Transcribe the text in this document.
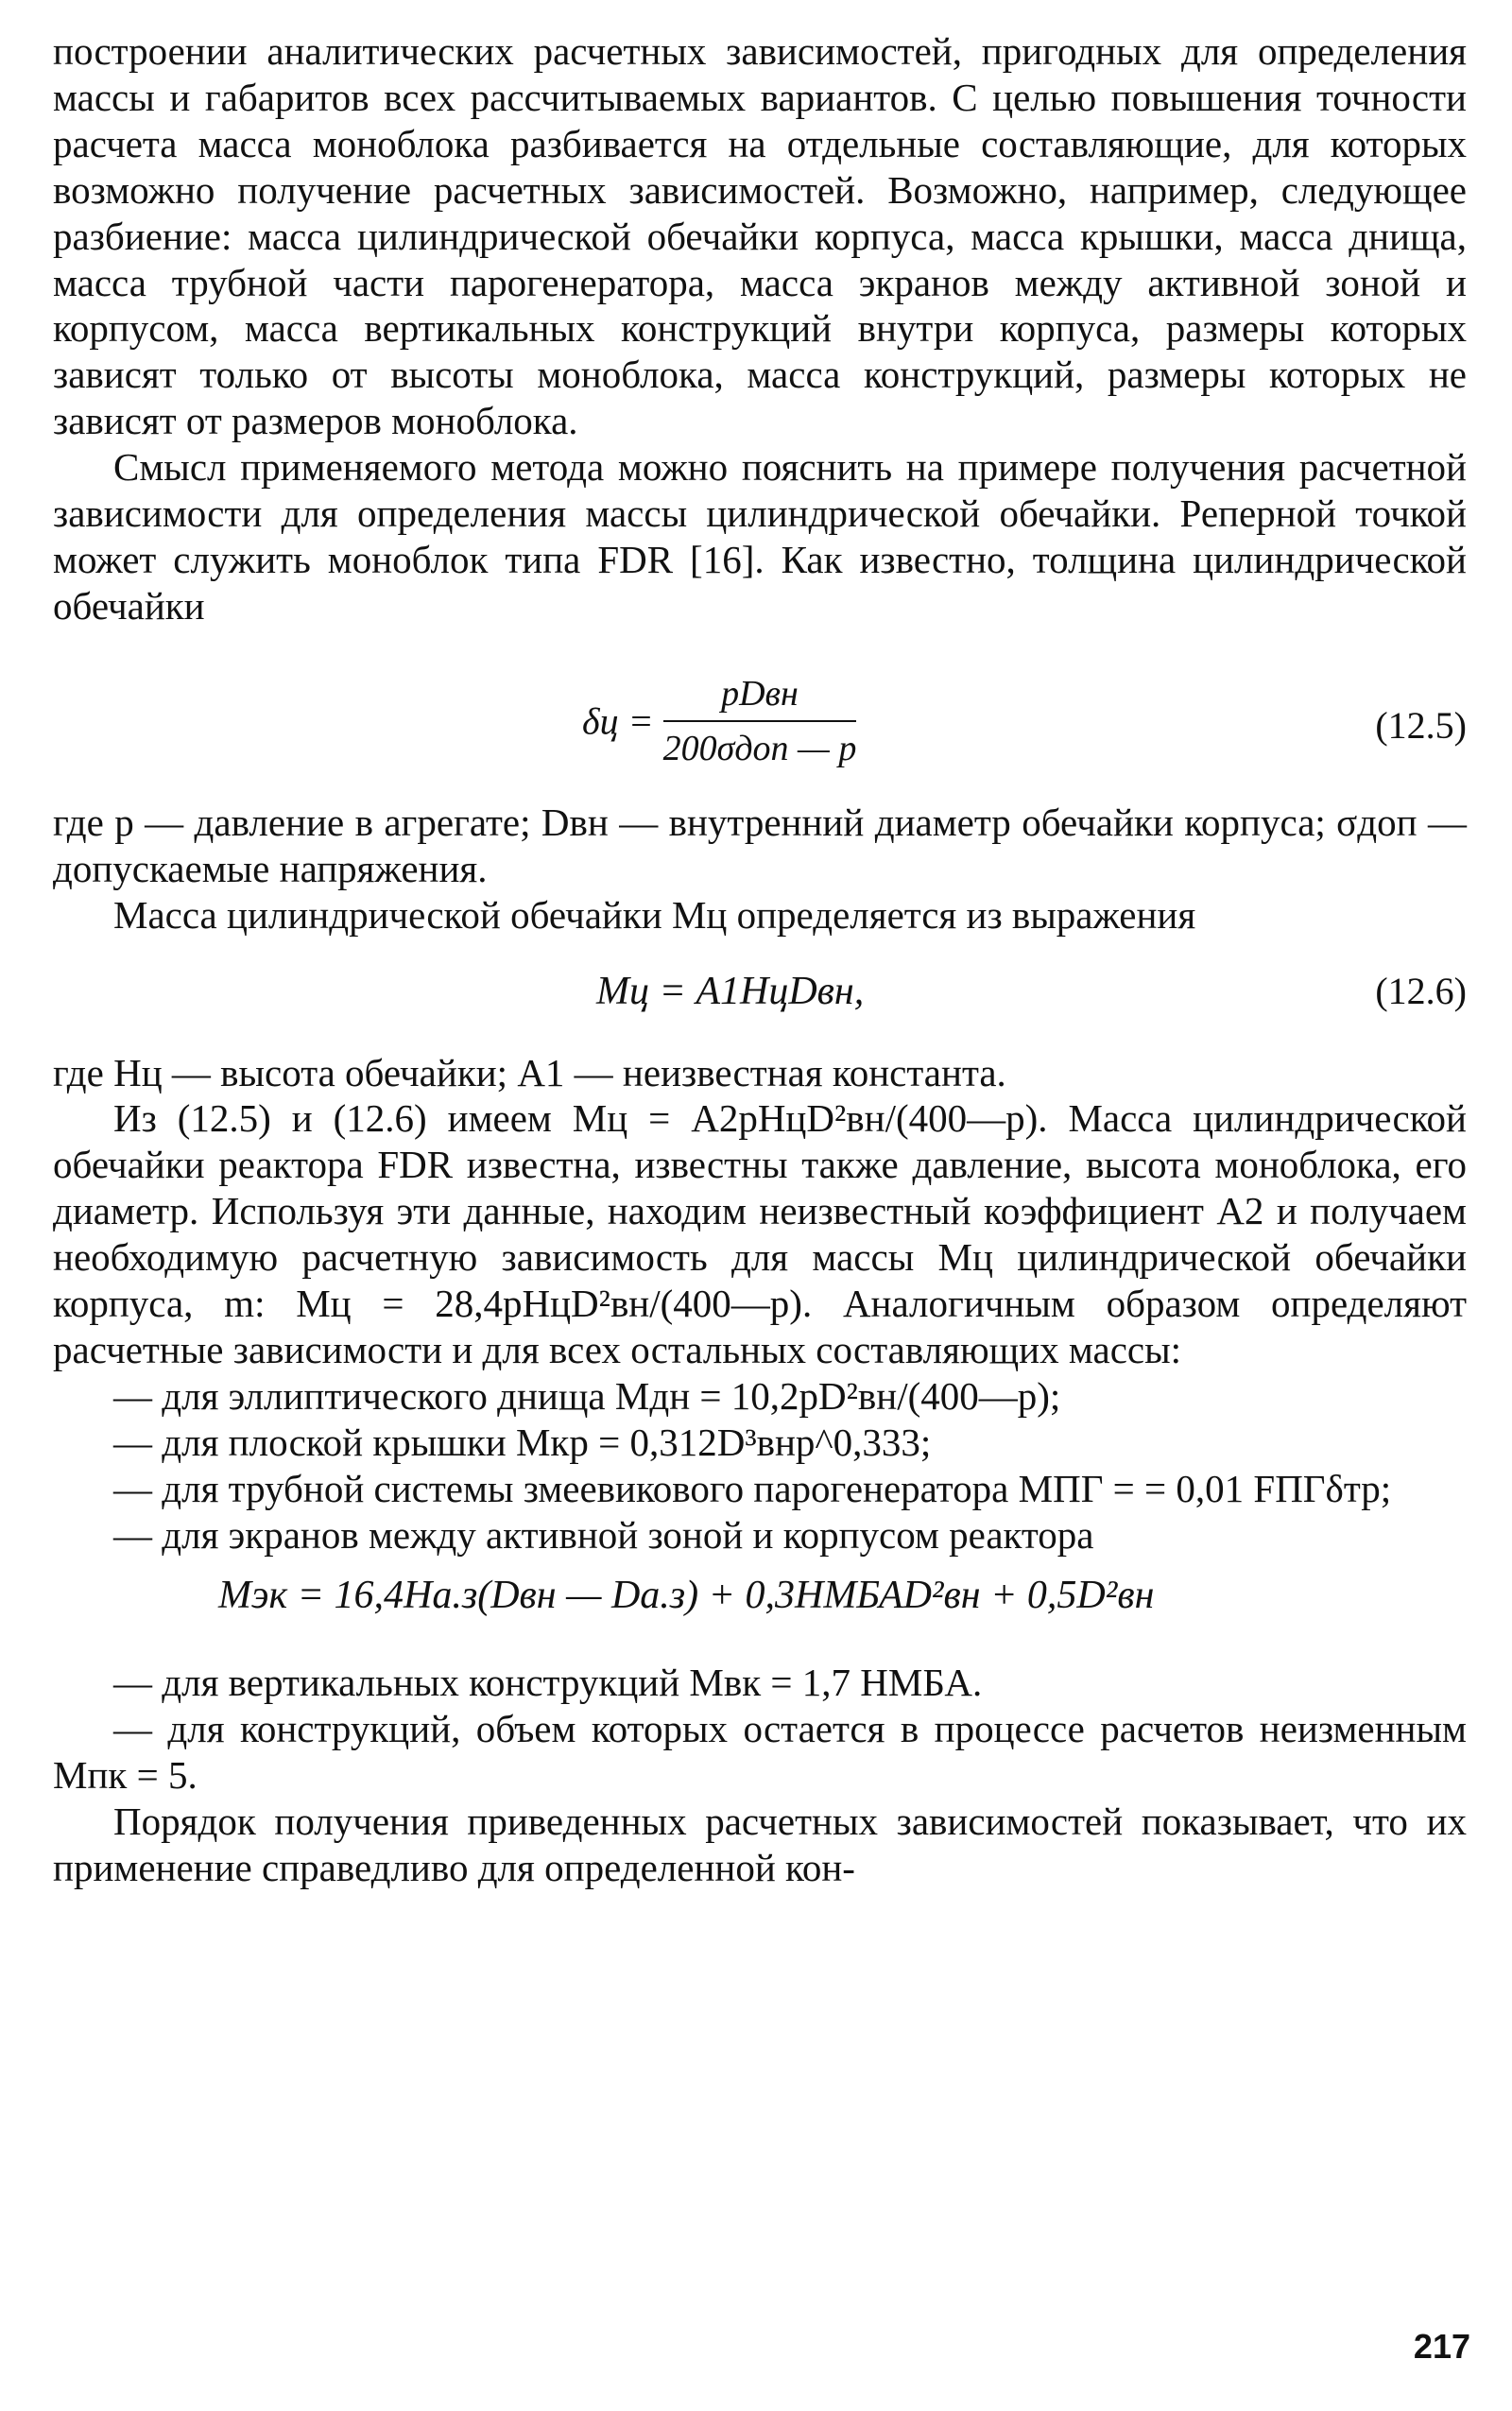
построении аналитических расчетных зависимостей, пригодных для определения массы и габаритов всех рассчитываемых вариантов. С целью повышения точности расчета масса моноблока разбивается на отдельные составляющие, для которых возможно получение расчетных зависимостей. Возможно, например, следующее разбиение: масса цилиндрической обечайки корпуса, масса крышки, масса днища, масса трубной части парогенератора, масса экранов между активной зоной и корпусом, масса вертикальных конструкций внутри корпуса, размеры которых зависят только от высоты моноблока, масса конструкций, размеры которых не зависят от размеров моноблока.

Смысл применяемого метода можно пояснить на примере получения расчетной зависимости для определения массы цилиндрической обечайки. Реперной точкой может служить моноблок типа FDR [16]. Как известно, толщина цилиндрической обечайки

$\delta ц = \frac{\text{pDвн}}{\text{200σдоп — p}}$	(12.5)

где p — давление в агрегате; Dвн — внутренний диаметр обечайки корпуса; σдоп — допускаемые напряжения.

Масса цилиндрической обечайки Mц определяется из выражения

Mц = A1HцDвн,	(12.6)

где Hц — высота обечайки; A1 — неизвестная константа.

Из (12.5) и (12.6) имеем Mц = A2pHцD²вн/(400—p). Масса цилиндрической обечайки реактора FDR известна, известны также давление, высота моноблока, его диаметр. Используя эти данные, находим неизвестный коэффициент A2 и получаем необходимую расчетную зависимость для массы Mц цилиндрической обечайки корпуса, m: Mц = 28,4pHцD²вн/(400—p). Аналогичным образом определяют расчетные зависимости и для всех остальных составляющих массы:

— для эллиптического днища Mдн = 10,2pD²вн/(400—p);

— для плоской крышки Mкр = 0,312D³внp^0,333;

— для трубной системы змеевикового парогенератора MПГ = = 0,01 FПГδтр;

— для экранов между активной зоной и корпусом реактора

Mэк = 16,4Hа.з(Dвн — Dа.з) + 0,3HМБАD²вн + 0,5D²вн

— для вертикальных конструкций Mвк = 1,7 HМБА.

— для конструкций, объем которых остается в процессе расчетов неизменным Mпк = 5.

Порядок получения приведенных расчетных зависимостей показывает, что их применение справедливо для определенной кон-

217
